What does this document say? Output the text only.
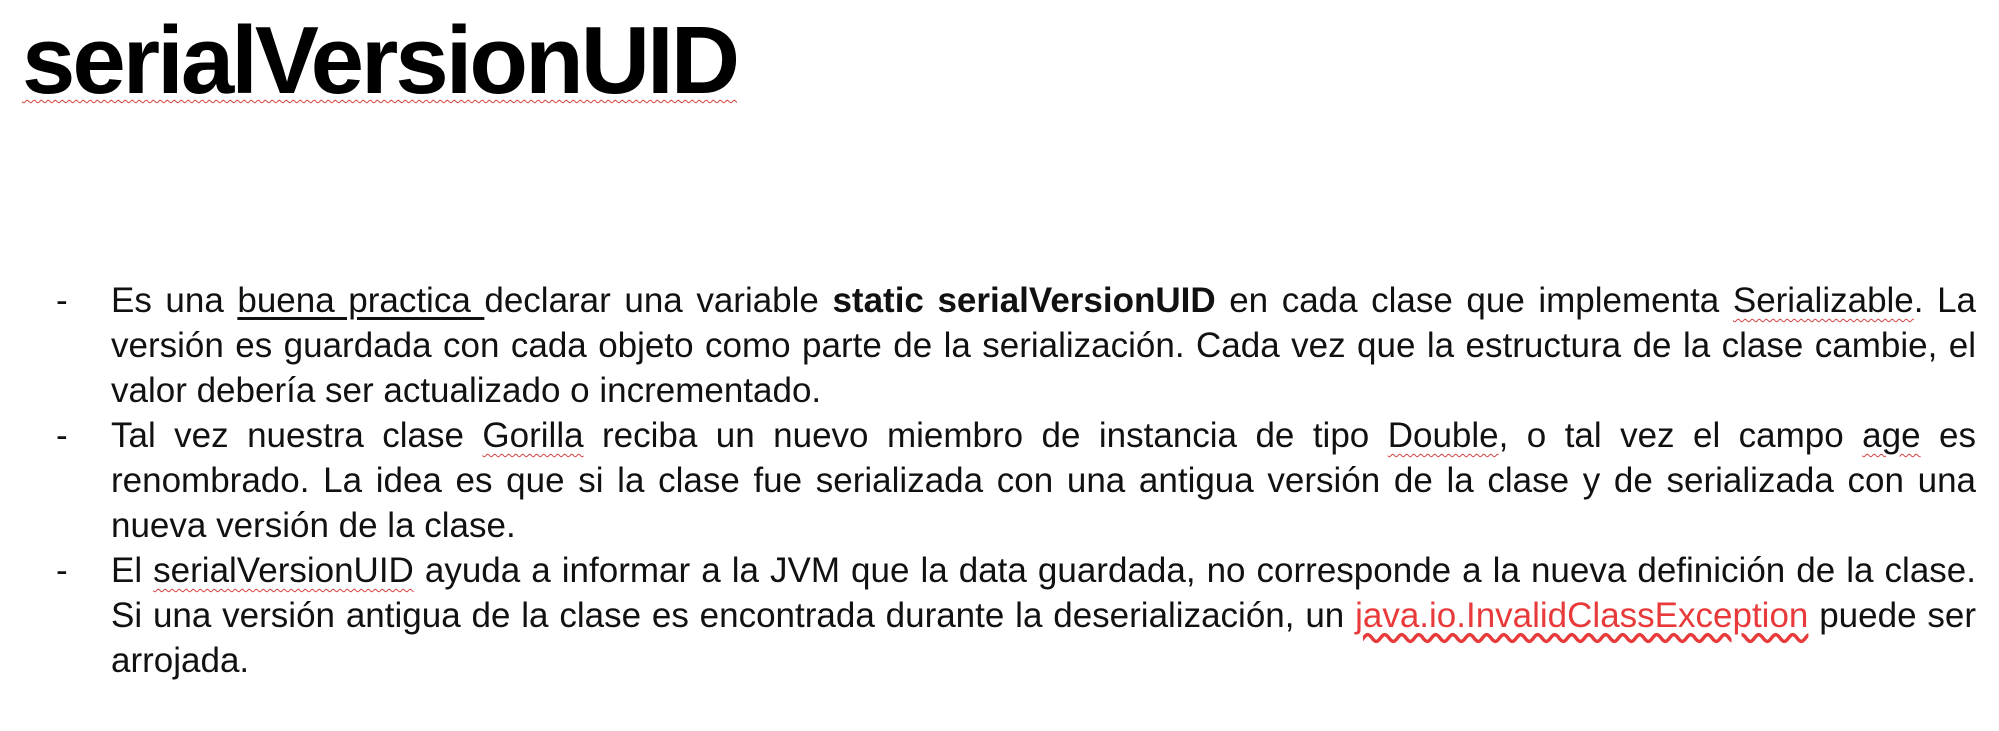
serialVersionUID
- Es una buena practica declarar una variable static serialVersionUID en cada clase que implementa Serializable. La versión es guardada con cada objeto como parte de la serialización. Cada vez que la estructura de la clase cambie, el valor debería ser actualizado o incrementado.
- Tal vez nuestra clase Gorilla reciba un nuevo miembro de instancia de tipo Double, o tal vez el campo age es renombrado. La idea es que si la clase fue serializada con una antigua versión de la clase y de serializada con una nueva versión de la clase.
- El serialVersionUID ayuda a informar a la JVM que la data guardada, no corresponde a la nueva definición de la clase. Si una versión antigua de la clase es encontrada durante la deserialización, un java.io.InvalidClassException puede ser arrojada.
